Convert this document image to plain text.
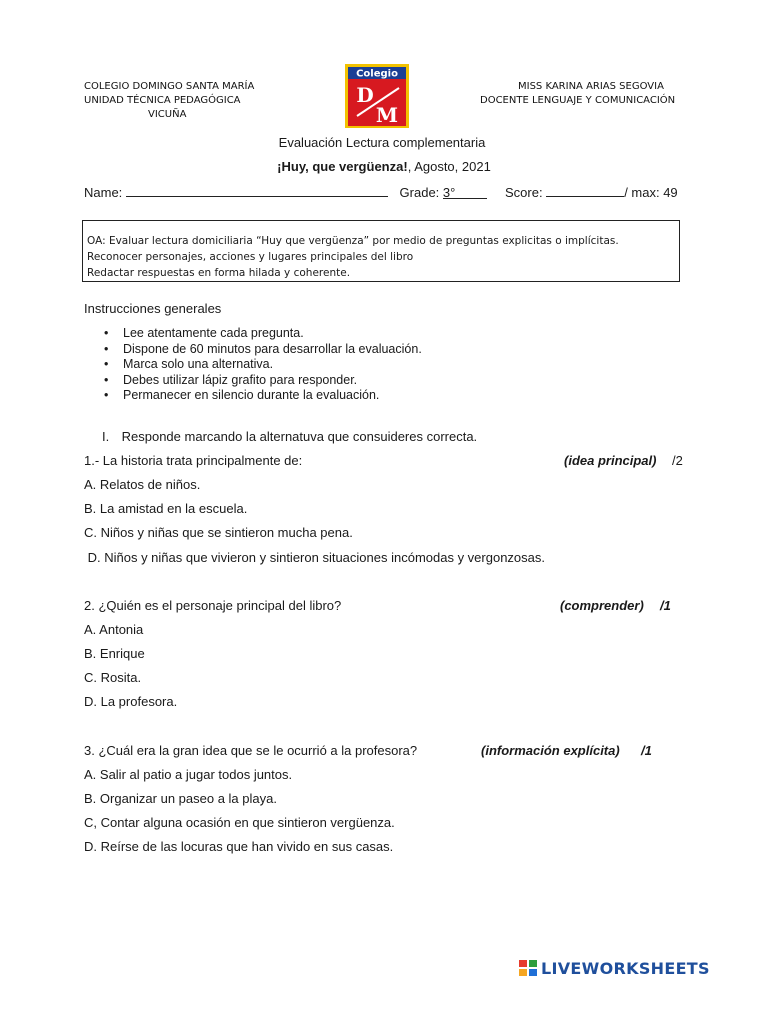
COLEGIO DOMINGO SANTA MARÍA
UNIDAD TÉCNICA PEDAGÓGICA
VICUÑA
Colegio
D
M
MISS KARINA ARIAS SEGOVIA
DOCENTE LENGUAJE Y COMUNICACIÓN
Evaluación Lectura complementaria
¡Huy, que vergüenza!, Agosto, 2021
Name:	Grade: 3°	Score:	/ max: 49
OA: Evaluar lectura domiciliaria “Huy que vergüenza” por medio de preguntas explicitas o implícitas.
Reconocer personajes, acciones y lugares principales del libro
Redactar respuestas en forma hilada y coherente.
Instrucciones generales
• Lee atentamente cada pregunta.
• Dispone de 60 minutos para desarrollar la evaluación.
• Marca solo una alternativa.
• Debes utilizar lápiz grafito para responder.
• Permanecer en silencio durante la evaluación.
I. Responde marcando la alternatuva que consuideres correcta.
1.- La historia trata principalmente de:	(idea principal) /2
A. Relatos de niños.
B. La amistad en la escuela.
C. Niños y niñas que se sintieron mucha pena.
D. Niños y niñas que vivieron y sintieron situaciones incómodas y vergonzosas.
2. ¿Quién es el personaje principal del libro?	(comprender) /1
A. Antonia
B. Enrique
C. Rosita.
D. La profesora.
3. ¿Cuál era la gran idea que se le ocurrió a la profesora?	(información explícita) /1
A. Salir al patio a jugar todos juntos.
B. Organizar un paseo a la playa.
C, Contar alguna ocasión en que sintieron vergüenza.
D. Reírse de las locuras que han vivido en sus casas.
LIVEWORKSHEETS
